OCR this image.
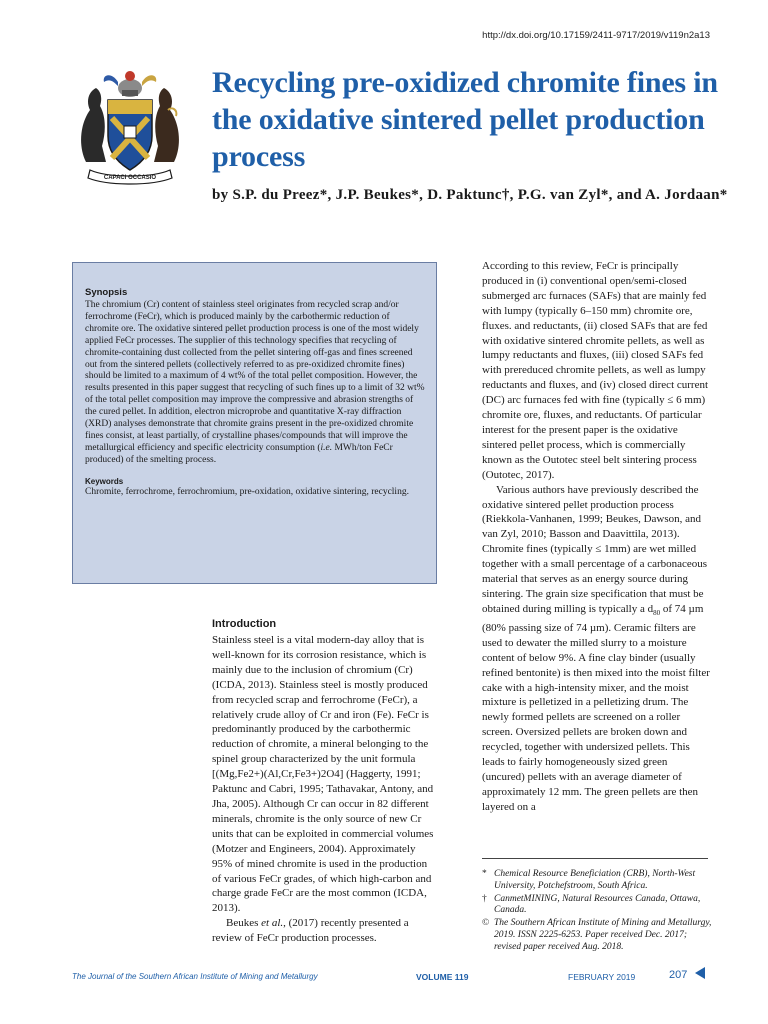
http://dx.doi.org/10.17159/2411-9717/2019/v119n2a13
CAPACI OCCASIO
Recycling pre-oxidized chromite fines in the oxidative sintered pellet production process

by S.P. du Preez*, J.P. Beukes*, D. Paktunc†, P.G. van Zyl*, and A. Jordaan*

Synopsis

The chromium (Cr) content of stainless steel originates from recycled scrap and/or ferrochrome (FeCr), which is produced mainly by the carbothermic reduction of chromite ore. The oxidative sintered pellet production process is one of the most widely applied FeCr processes. The supplier of this technology specifies that recycling of chromite-containing dust collected from the pellet sintering off-gas and fines screened out from the sintered pellets (collectively referred to as pre-oxidized chromite fines) should be limited to a maximum of 4 wt% of the total pellet composition. However, the results presented in this paper suggest that recycling of such fines up to a limit of 32 wt% of the total pellet composition may improve the compressive and abrasion strengths of the cured pellet. In addition, electron microprobe and quantitative X-ray diffraction (XRD) analyses demonstrate that chromite grains present in the pre-oxidized chromite fines consist, at least partially, of crystalline phases/compounds that will improve the metallurgical efficiency and specific electricity consumption (i.e. MWh/ton FeCr produced) of the smelting process.

Keywords

Chromite, ferrochrome, ferrochromium, pre-oxidation, oxidative sintering, recycling.

Introduction

Stainless steel is a vital modern-day alloy that is well-known for its corrosion resistance, which is mainly due to the inclusion of chromium (Cr) (ICDA, 2013). Stainless steel is mostly produced from recycled scrap and ferrochrome (FeCr), a relatively crude alloy of Cr and iron (Fe). FeCr is predominantly produced by the carbothermic reduction of chromite, a mineral belonging to the spinel group characterized by the unit formula [(Mg,Fe2+)(Al,Cr,Fe3+)2O4] (Haggerty, 1991; Paktunc and Cabri, 1995; Tathavakar, Antony, and Jha, 2005). Although Cr can occur in 82 different minerals, chromite is the only source of new Cr units that can be exploited in commercial volumes (Motzer and Engineers, 2004). Approximately 95% of mined chromite is used in the production of various FeCr grades, of which high-carbon and charge grade FeCr are the most common (ICDA, 2013).

Beukes et al., (2017) recently presented a review of FeCr production processes.

According to this review, FeCr is principally produced in (i) conventional open/semi-closed submerged arc furnaces (SAFs) that are mainly fed with lumpy (typically 6–150 mm) chromite ore, fluxes. and reductants, (ii) closed SAFs that are fed with oxidative sintered chromite pellets, as well as lumpy reductants and fluxes, (iii) closed SAFs fed with prereduced chromite pellets, as well as lumpy reductants and fluxes, and (iv) closed direct current (DC) arc furnaces fed with fine (typically ≤ 6 mm) chromite ore, fluxes, and reductants. Of particular interest for the present paper is the oxidative sintered pellet process, which is commercially known as the Outotec steel belt sintering process (Outotec, 2017).

Various authors have previously described the oxidative sintered pellet production process (Riekkola-Vanhanen, 1999; Beukes, Dawson, and van Zyl, 2010; Basson and Daavittila, 2013). Chromite fines (typically ≤ 1mm) are wet milled together with a small percentage of a carbonaceous material that serves as an energy source during sintering. The grain size specification that must be obtained during milling is typically a $d_{80}$ of 74 µm (80% passing size of 74 µm). Ceramic filters are used to dewater the milled slurry to a moisture content of below 9%. A fine clay binder (usually refined bentonite) is then mixed into the moist filter cake with a high-intensity mixer, and the moist mixture is pelletized in a pelletizing drum. The newly formed pellets are screened on a roller screen. Oversized pellets are broken down and recycled, together with undersized pellets. This leads to fairly homogeneously sized green (uncured) pellets with an average diameter of approximately 12 mm. The green pellets are then layered on a

* Chemical Resource Beneficiation (CRB), North-West University, Potchefstroom, South Africa.
† CanmetMINING, Natural Resources Canada, Ottawa, Canada.
© The Southern African Institute of Mining and Metallurgy, 2019. ISSN 2225-6253. Paper received Dec. 2017; revised paper received Aug. 2018.
The Journal of the Southern African Institute of Mining and Metallurgy	VOLUME 119	FEBRUARY 2019	207
